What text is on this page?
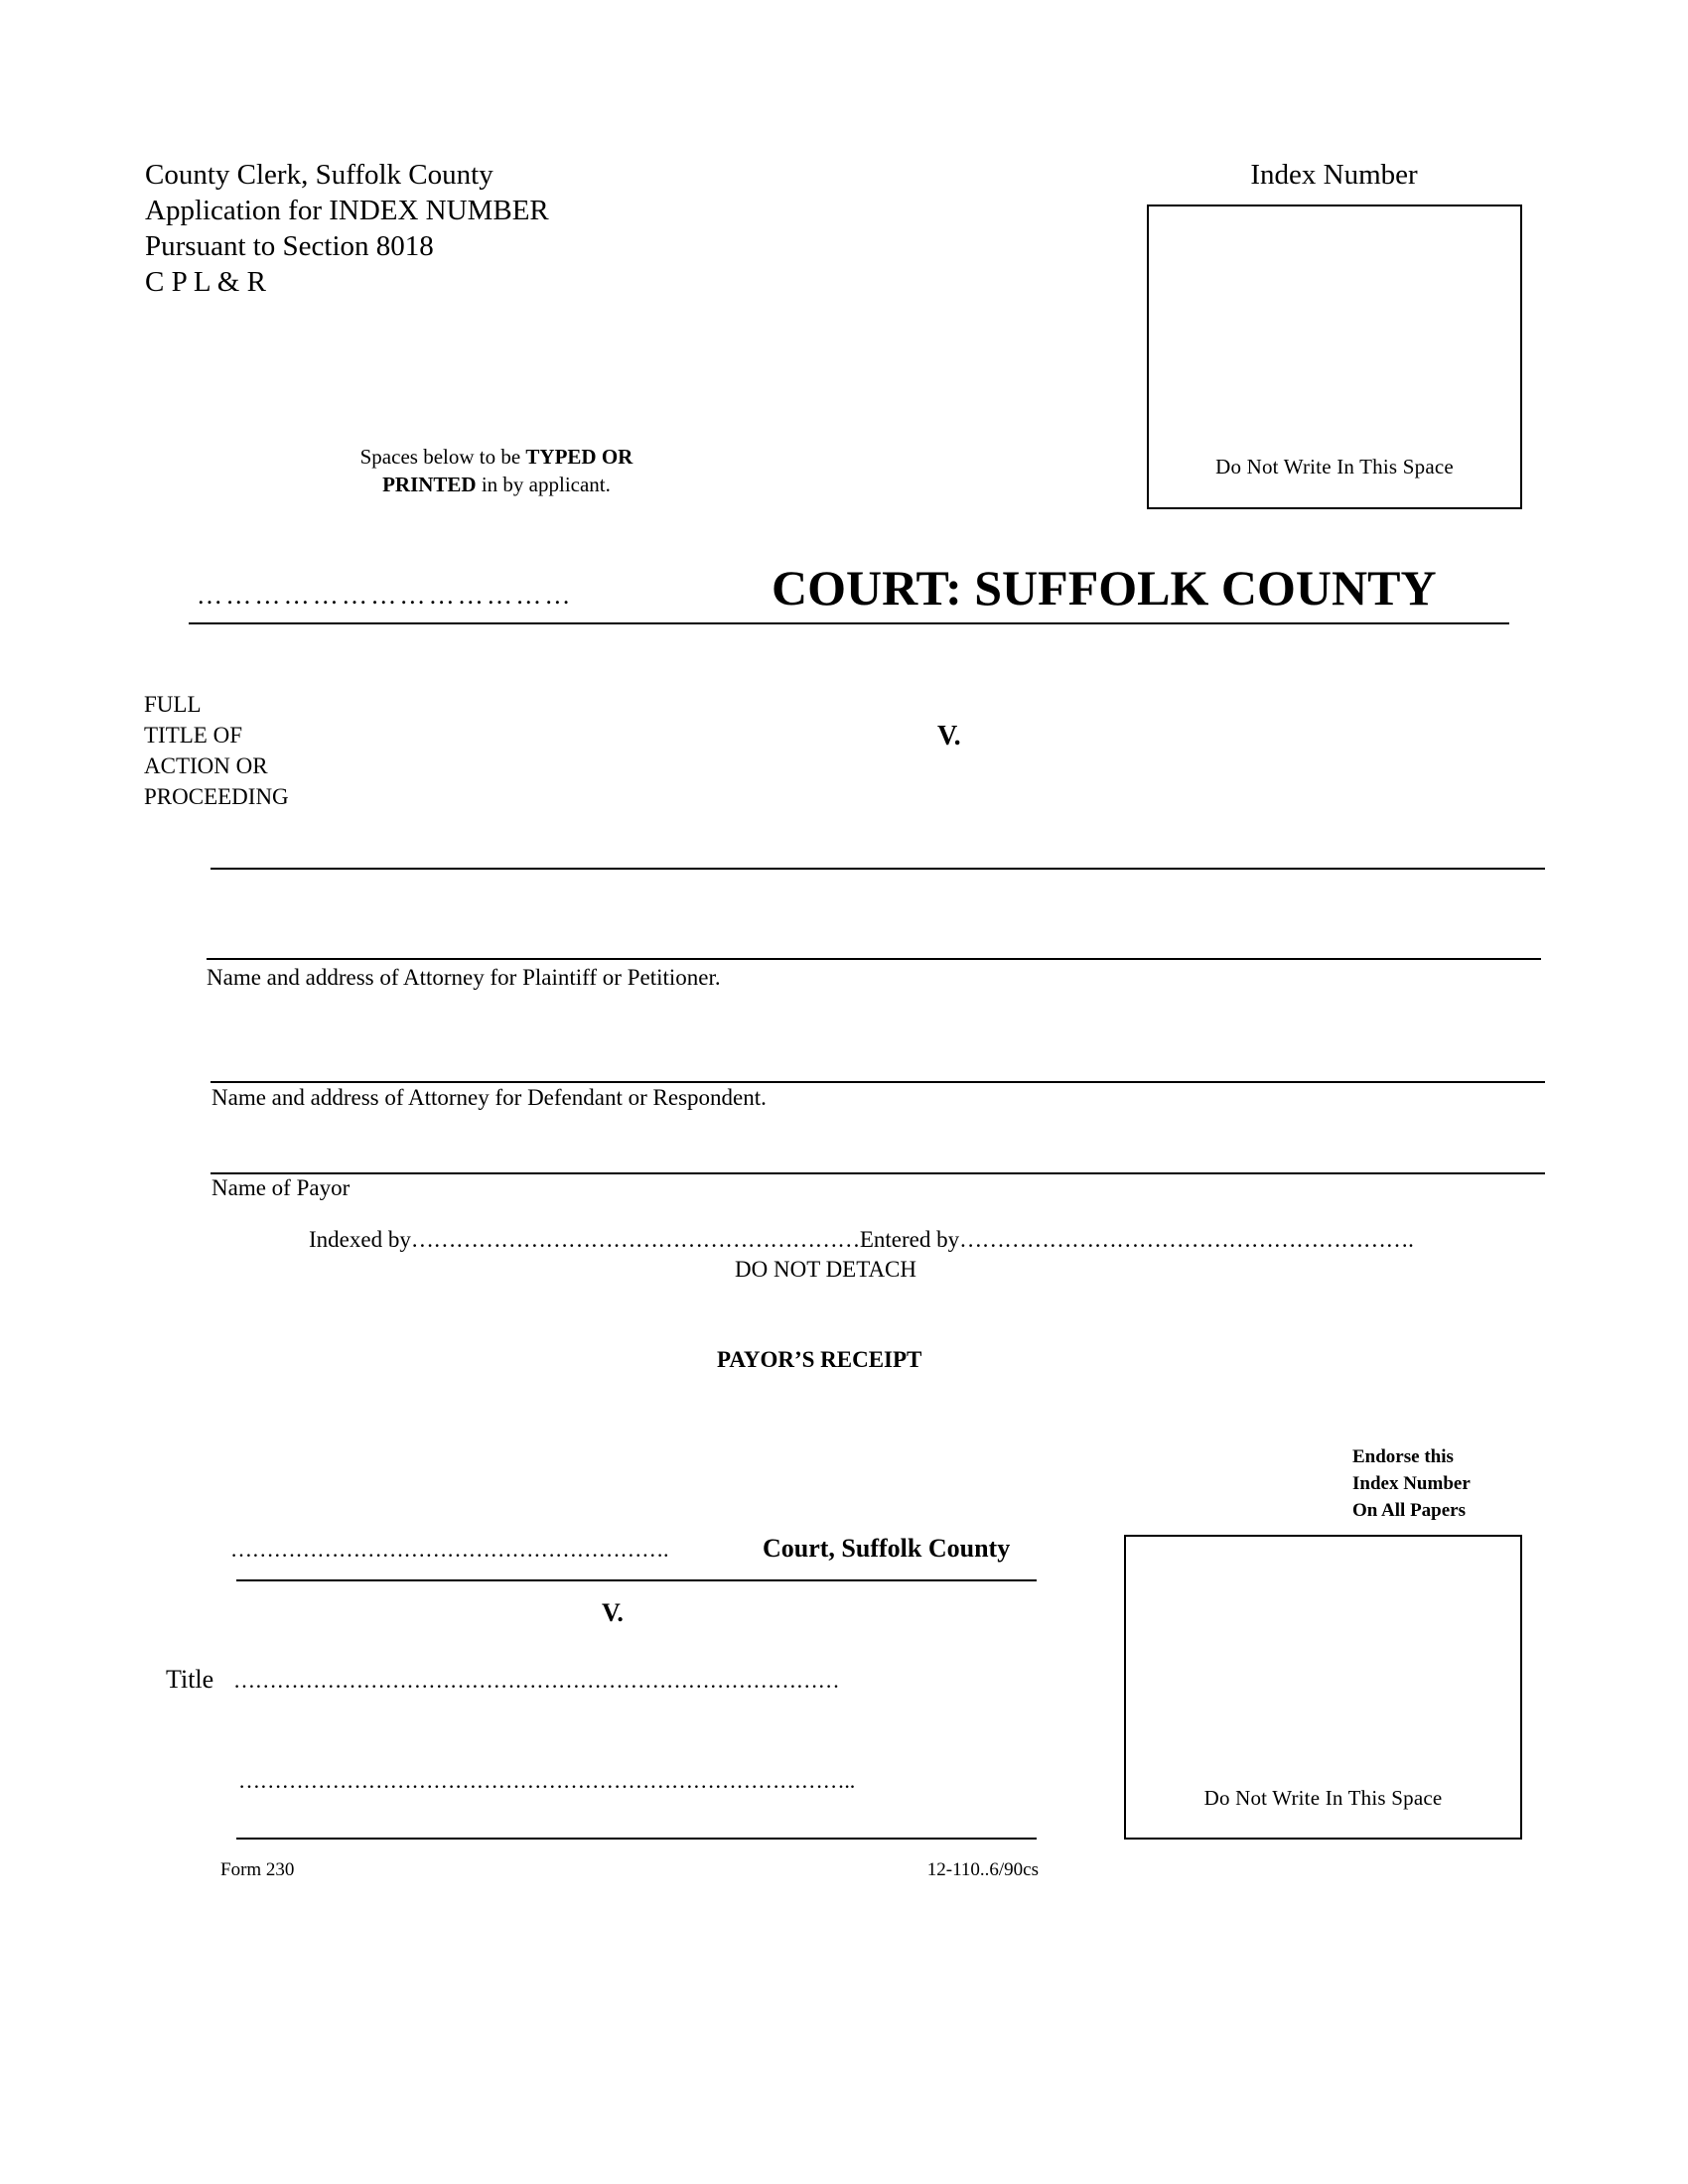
County Clerk, Suffolk County
Application for INDEX NUMBER
Pursuant to Section 8018
C P L & R
Index Number
Do Not Write In This Space
Spaces below to be TYPED OR
PRINTED in by applicant.
…………………………………	COURT: SUFFOLK COUNTY
FULL
TITLE OF
ACTION OR
PROCEEDING
V.
Name and address of Attorney for Plaintiff or Petitioner.
Name and address of Attorney for Defendant or Respondent.
Name of Payor
Indexed by……………………………………………………Entered by…………………………………………………….
DO NOT DETACH
PAYOR’S RECEIPT
Endorse this
Index Number
On All Papers
Do Not Write In This Space
…………………………………………………….	Court, Suffolk County
V.
Title …………………………………………………………………………
…………………………………………………………………………..
Form 230	12-110..6/90cs
